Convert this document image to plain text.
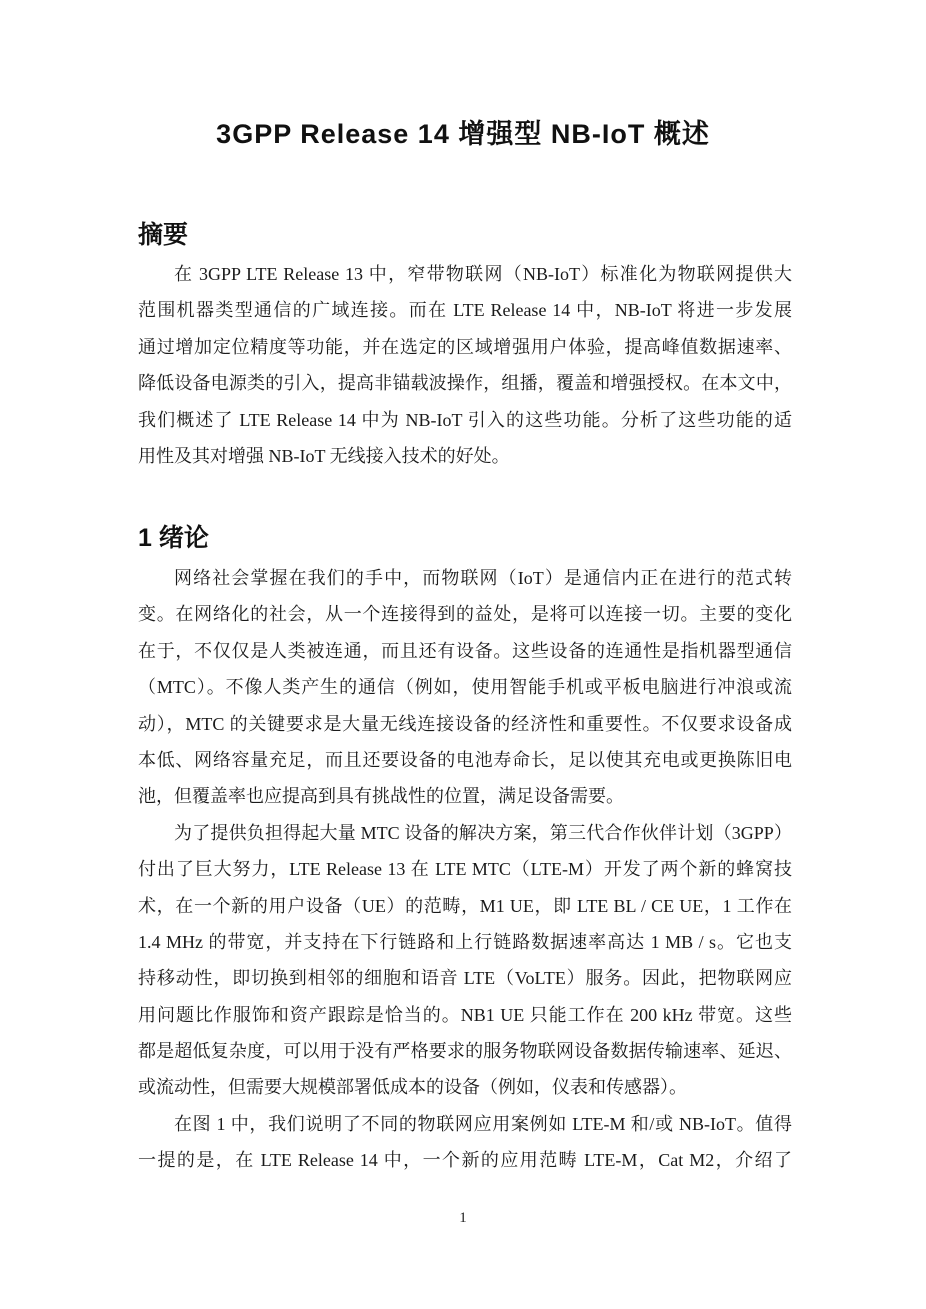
3GPP Release 14 增强型 NB-IoT 概述
摘要
在 3GPP LTE Release 13 中，窄带物联网（NB-IoT）标准化为物联网提供大
范围机器类型通信的广域连接。而在 LTE Release 14 中，NB-IoT 将进一步发展
通过增加定位精度等功能，并在选定的区域增强用户体验，提高峰值数据速率、
降低设备电源类的引入，提高非锚载波操作，组播，覆盖和增强授权。在本文中，
我们概述了 LTE Release 14 中为 NB-IoT 引入的这些功能。分析了这些功能的适
用性及其对增强 NB-IoT 无线接入技术的好处。
1 绪论
网络社会掌握在我们的手中，而物联网（IoT）是通信内正在进行的范式转
变。在网络化的社会，从一个连接得到的益处，是将可以连接一切。主要的变化
在于，不仅仅是人类被连通，而且还有设备。这些设备的连通性是指机器型通信
（MTC）。不像人类产生的通信（例如，使用智能手机或平板电脑进行冲浪或流
动），MTC 的关键要求是大量无线连接设备的经济性和重要性。不仅要求设备成
本低、网络容量充足，而且还要设备的电池寿命长，足以使其充电或更换陈旧电
池，但覆盖率也应提高到具有挑战性的位置，满足设备需要。
为了提供负担得起大量 MTC 设备的解决方案，第三代合作伙伴计划（3GPP）
付出了巨大努力，LTE Release 13 在 LTE MTC（LTE-M）开发了两个新的蜂窝技
术，在一个新的用户设备（UE）的范畴，M1 UE，即 LTE BL / CE UE，1 工作在
1.4 MHz 的带宽，并支持在下行链路和上行链路数据速率高达 1 MB / s。它也支
持移动性，即切换到相邻的细胞和语音 LTE（VoLTE）服务。因此，把物联网应
用问题比作服饰和资产跟踪是恰当的。NB1 UE 只能工作在 200 kHz 带宽。这些
都是超低复杂度，可以用于没有严格要求的服务物联网设备数据传输速率、延迟、
或流动性，但需要大规模部署低成本的设备（例如，仪表和传感器）。
在图 1 中，我们说明了不同的物联网应用案例如 LTE-M 和/或 NB-IoT。值得
一提的是，在 LTE Release 14 中，一个新的应用范畴 LTE-M，Cat M2，介绍了
1
